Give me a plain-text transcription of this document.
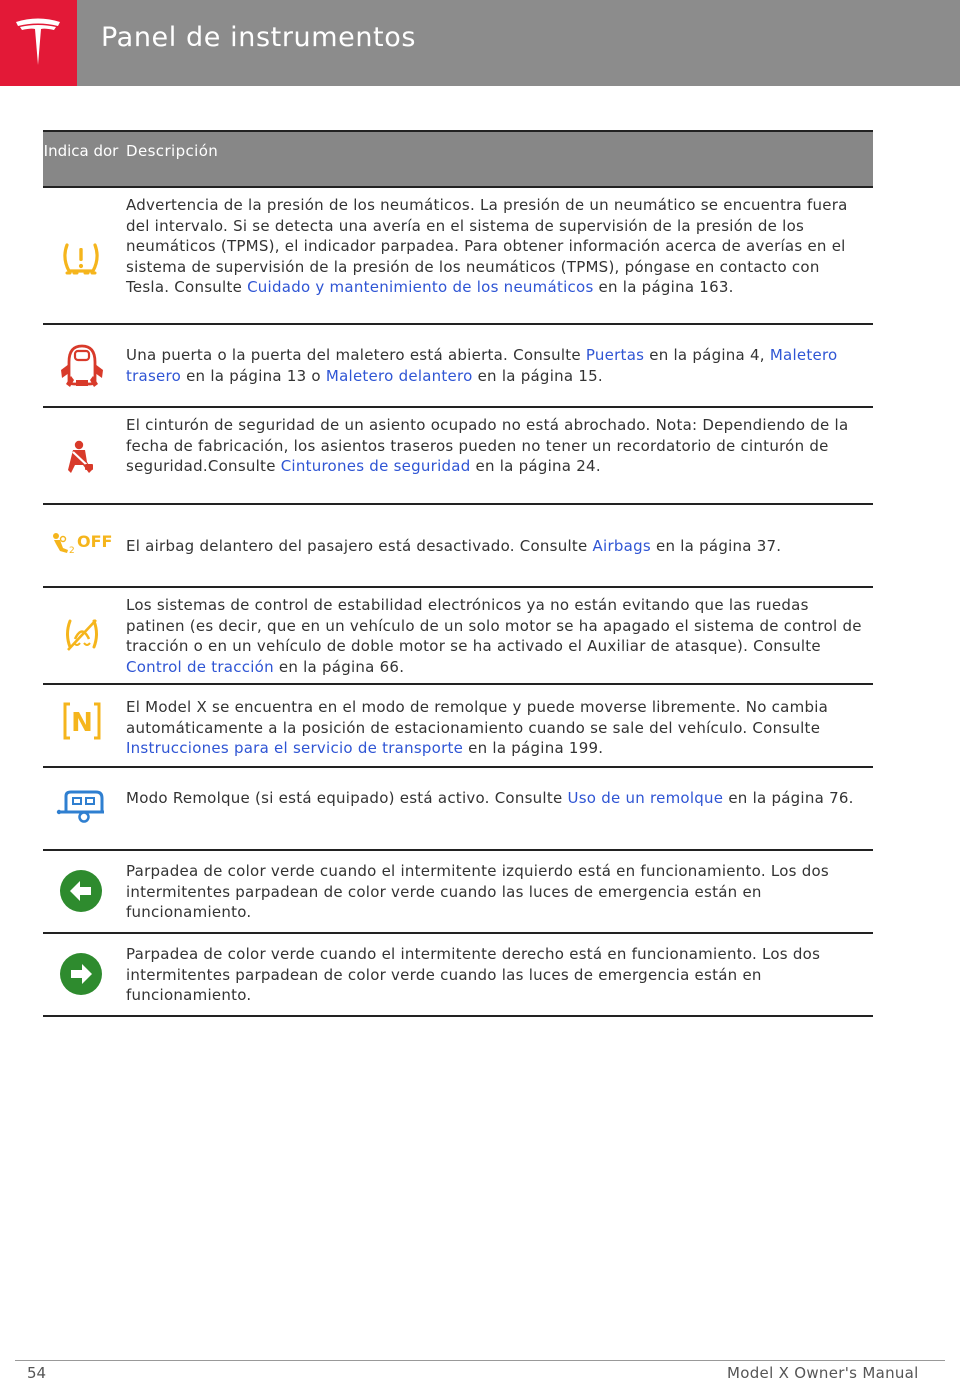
Panel de instrumentos
Indica dor Descripción
Advertencia de la presión de los neumáticos. La presión de un neumático se encuentra fuera del intervalo. Si se detecta una avería en el sistema de supervisión de la presión de los neumáticos (TPMS), el indicador parpadea. Para obtener información acerca de averías en el sistema de supervisión de la presión de los neumáticos (TPMS), póngase en contacto con Tesla. Consulte Cuidado y mantenimiento de los neumáticos en la página 163.
Una puerta o la puerta del maletero está abierta. Consulte Puertas en la página 4, Maletero trasero en la página 13 o Maletero delantero en la página 15.
El cinturón de seguridad de un asiento ocupado no está abrochado. Nota: Dependiendo de la fecha de fabricación, los asientos traseros pueden no tener un recordatorio de cinturón de seguridad.Consulte Cinturones de seguridad en la página 24.
2 OFF El airbag delantero del pasajero está desactivado. Consulte Airbags en la página 37.
Los sistemas de control de estabilidad electrónicos ya no están evitando que las ruedas patinen (es decir, que en un vehículo de un solo motor se ha apagado el sistema de control de tracción o en un vehículo de doble motor se ha activado el Auxiliar de atasque). Consulte Control de tracción en la página 66.
N
El Model X se encuentra en el modo de remolque y puede moverse libremente. No cambia automáticamente a la posición de estacionamiento cuando se sale del vehículo. Consulte Instrucciones para el servicio de transporte en la página 199.
Modo Remolque (si está equipado) está activo. Consulte Uso de un remolque en la página 76.
Parpadea de color verde cuando el intermitente izquierdo está en funcionamiento. Los dos intermitentes parpadean de color verde cuando las luces de emergencia están en funcionamiento.
Parpadea de color verde cuando el intermitente derecho está en funcionamiento. Los dos intermitentes parpadean de color verde cuando las luces de emergencia están en funcionamiento.
54	Model X Owner's Manual
